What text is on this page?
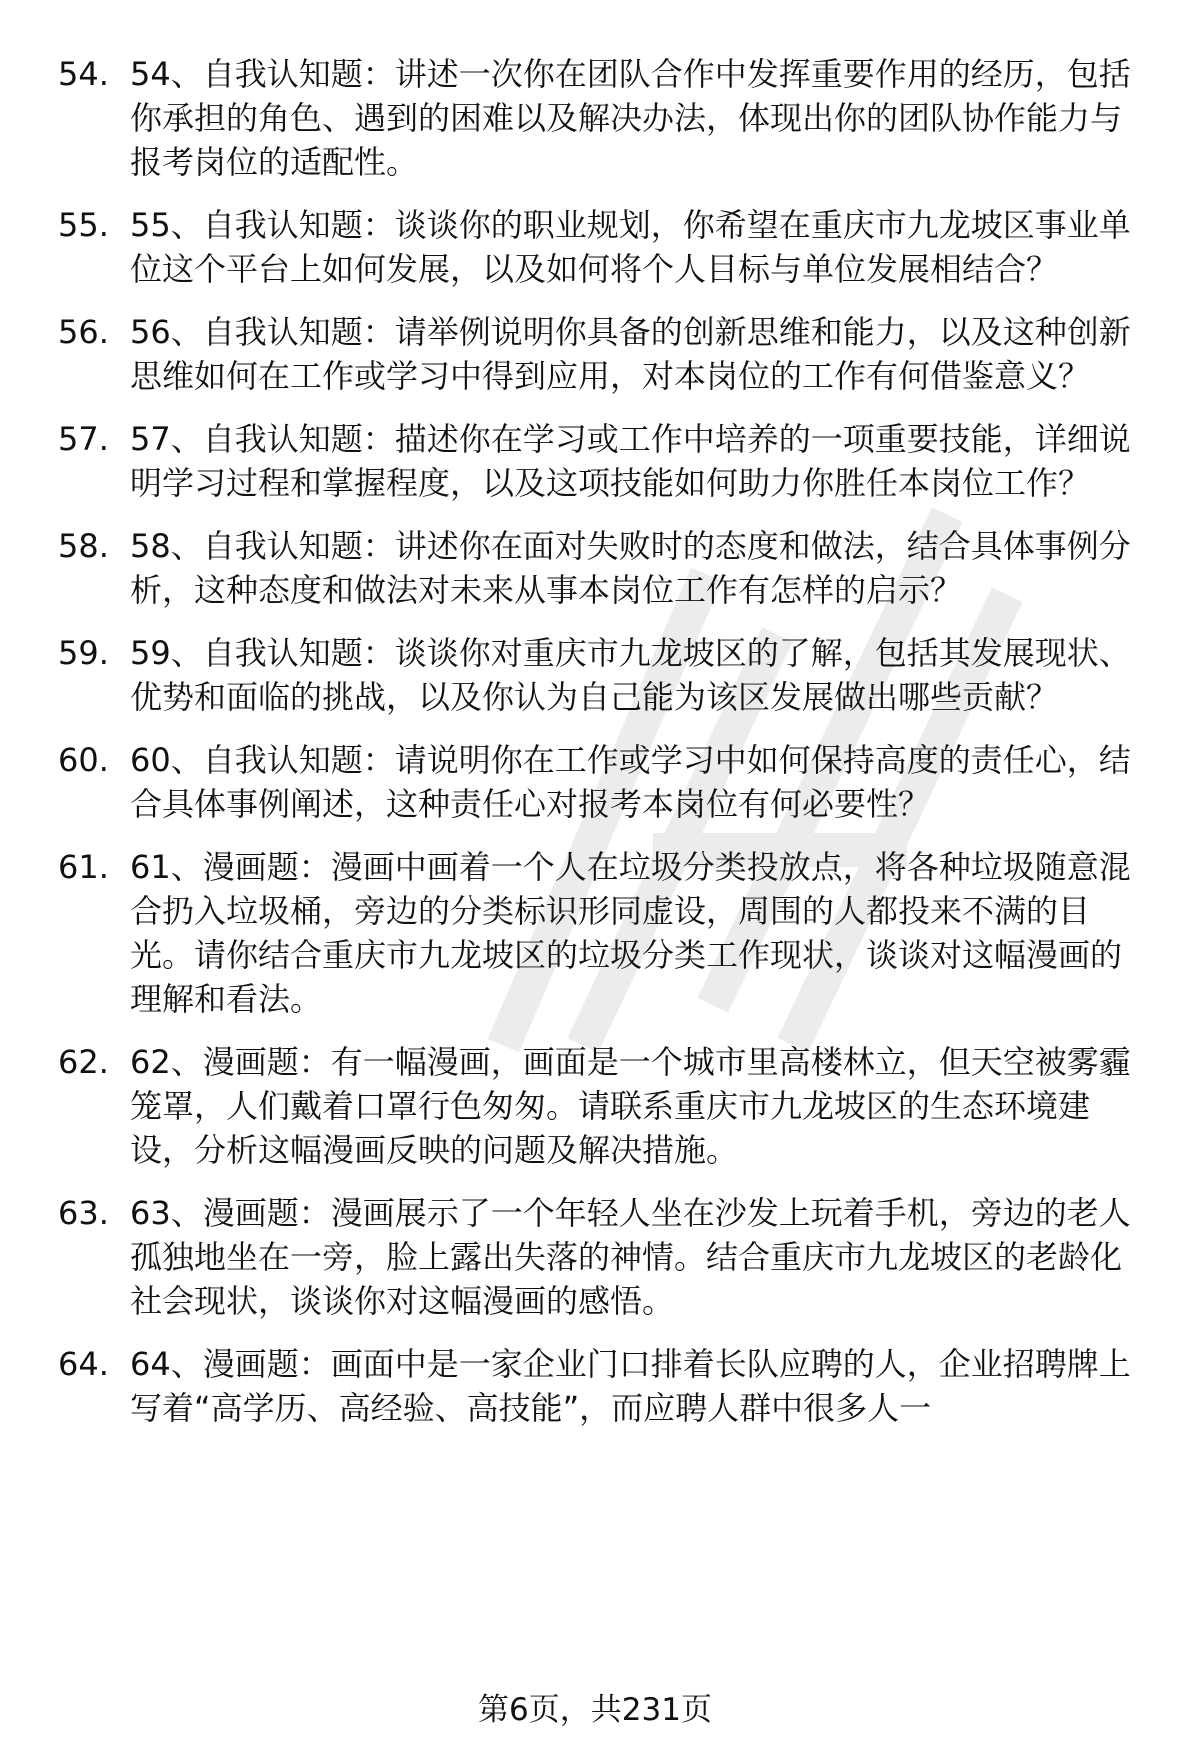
54. 54、自我认知题：讲述一次你在团队合作中发挥重要作用的经历，包括你承担的角色、遇到的困难以及解决办法，体现出你的团队协作能力与报考岗位的适配性。
55. 55、自我认知题：谈谈你的职业规划，你希望在重庆市九龙坡区事业单位这个平台上如何发展，以及如何将个人目标与单位发展相结合？
56. 56、自我认知题：请举例说明你具备的创新思维和能力，以及这种创新思维如何在工作或学习中得到应用，对本岗位的工作有何借鉴意义？
57. 57、自我认知题：描述你在学习或工作中培养的一项重要技能，详细说明学习过程和掌握程度，以及这项技能如何助力你胜任本岗位工作？
58. 58、自我认知题：讲述你在面对失败时的态度和做法，结合具体事例分析，这种态度和做法对未来从事本岗位工作有怎样的启示？
59. 59、自我认知题：谈谈你对重庆市九龙坡区的了解，包括其发展现状、优势和面临的挑战，以及你认为自己能为该区发展做出哪些贡献？
60. 60、自我认知题：请说明你在工作或学习中如何保持高度的责任心，结合具体事例阐述，这种责任心对报考本岗位有何必要性？
61. 61、漫画题：漫画中画着一个人在垃圾分类投放点，将各种垃圾随意混合扔入垃圾桶，旁边的分类标识形同虚设，周围的人都投来不满的目光。请你结合重庆市九龙坡区的垃圾分类工作现状，谈谈对这幅漫画的理解和看法。
62. 62、漫画题：有一幅漫画，画面是一个城市里高楼林立，但天空被雾霾笼罩，人们戴着口罩行色匆匆。请联系重庆市九龙坡区的生态环境建设，分析这幅漫画反映的问题及解决措施。
63. 63、漫画题：漫画展示了一个年轻人坐在沙发上玩着手机，旁边的老人孤独地坐在一旁，脸上露出失落的神情。结合重庆市九龙坡区的老龄化社会现状，谈谈你对这幅漫画的感悟。
64. 64、漫画题：画面中是一家企业门口排着长队应聘的人，企业招聘牌上写着“高学历、高经验、高技能”，而应聘人群中很多人一
第6页，共231页
